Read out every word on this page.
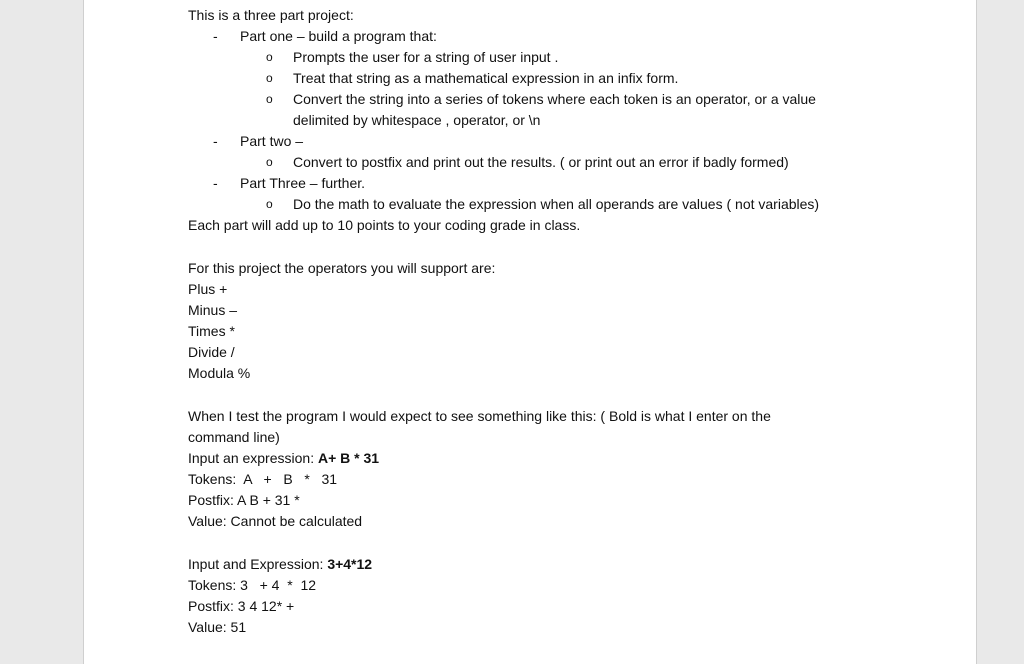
This is a three part project:
- Part one – build a program that:
o Prompts the user for a string of user input .
o Treat that string as a mathematical expression in an infix form.
o Convert the string into a series of tokens where each token is an operator, or a value
delimited by whitespace , operator, or \n
- Part two –
o Convert to postfix and print out the results. ( or print out an error if badly formed)
- Part Three – further.
o Do the math to evaluate the expression when all operands are values ( not variables)
Each part will add up to 10 points to your coding grade in class.
For this project the operators you will support are:
Plus +
Minus –
Times *
Divide /
Modula %
When I test the program I would expect to see something like this: ( Bold is what I enter on the
command line)
Input an expression: A+ B * 31
Tokens:  A   +   B   *   31
Postfix: A B + 31 *
Value: Cannot be calculated
Input and Expression: 3+4*12
Tokens: 3   + 4  *  12
Postfix: 3 4 12* +
Value: 51
